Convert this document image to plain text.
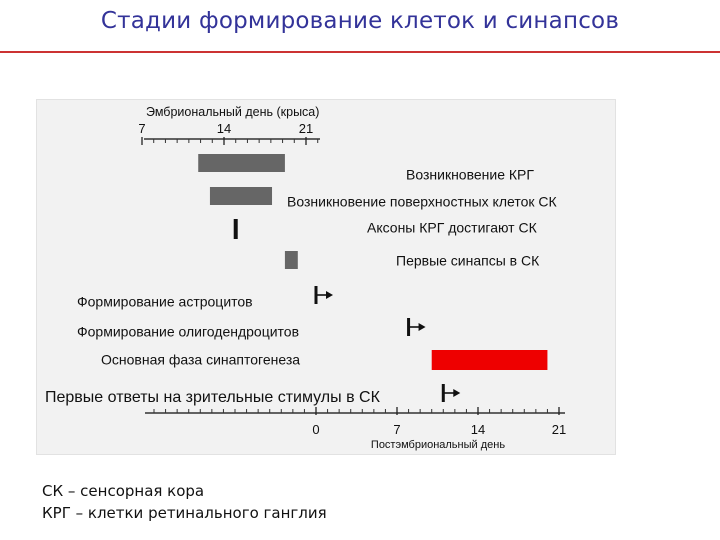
Стадии формирование клеток и синапсов
7	14	21
Эмбриональный день (крыса)
0	7	14	21
Постэмбриональный день
Возникновение КРГ
Возникновение поверхностных клеток СК
Аксоны КРГ достигают СК
Первые синапсы в СК
Формирование астроцитов
Формирование олигодендроцитов
Основная фаза синаптогенеза
Первые ответы на зрительные стимулы в СК
СК – сенсорная кора
КРГ – клетки ретинального ганглия
